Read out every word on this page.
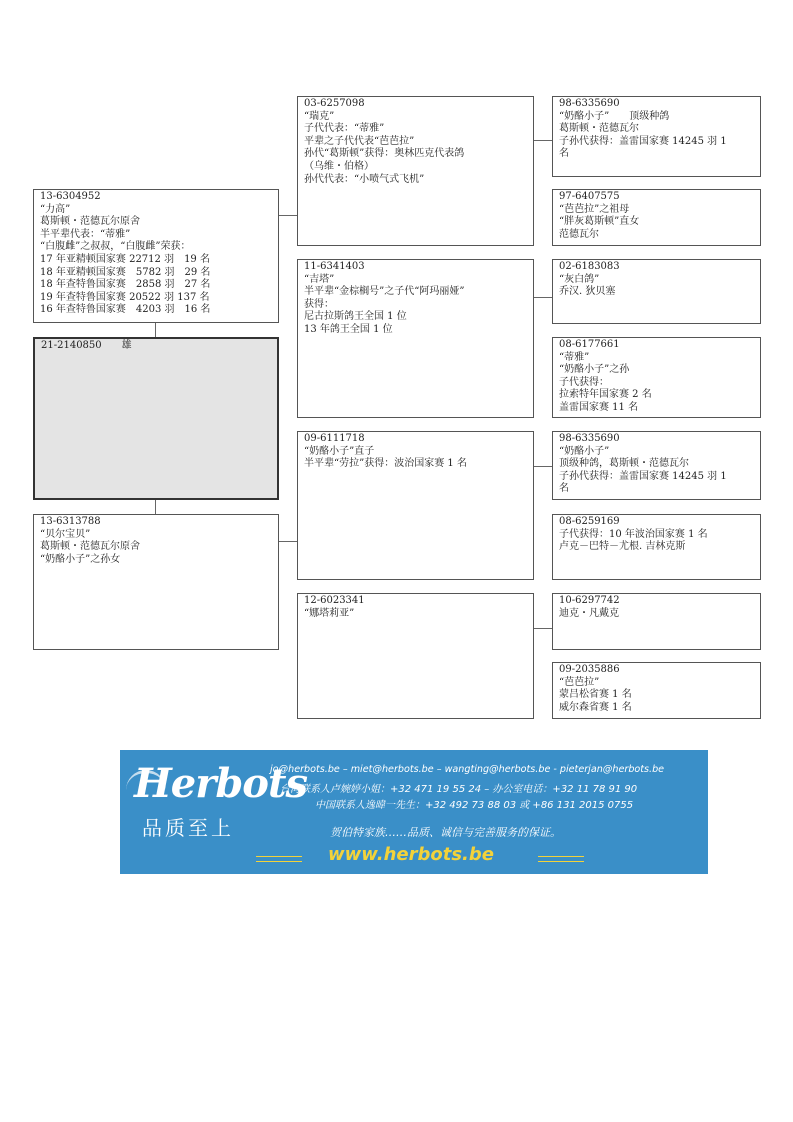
13-6304952
“力高”
葛斯顿・范德瓦尔原舍
半平辈代表：“蒂雅”
“白腹雌”之叔叔，“白腹雌”荣获：
17 年亚精顿国家赛 22712 羽　19 名
18 年亚精顿国家赛　5782 羽　29 名
18 年查特鲁国家赛　2858 羽　27 名
19 年查特鲁国家赛 20522 羽 137 名
16 年查特鲁国家赛　4203 羽　16 名
21-2140850　　 雄
13-6313788
“贝尔宝贝”
葛斯顿・范德瓦尔原舍
“奶酪小子”之孙女
03-6257098
“瑞克”
子代代表：“蒂雅”
平辈之子代代表“芭芭拉”
孙代“葛斯顿”获得：奥林匹克代表鸽
（乌维・伯格）
孙代代表：“小喷气式飞机”
11-6341403
“吉塔”
半平辈“金棕榈号”之子代“阿玛丽娅”
获得：
尼古拉斯鸽王全国 1 位
13 年鸽王全国 1 位
09-6111718
“奶酪小子”直子
半平辈“劳拉”获得：波治国家赛 1 名
12-6023341
“娜塔莉亚”
98-6335690
“奶酪小子”　　顶级种鸽
葛斯顿・范德瓦尔
子孙代获得：盖雷国家赛 14245 羽 1
名
97-6407575
“芭芭拉”之祖母
“胖灰葛斯顿”直女
范德瓦尔
02-6183083
“灰白鸽”
乔汉. 狄贝塞
08-6177661
“蒂雅”
“奶酪小子”之孙
子代获得：
拉索特年国家赛 2 名
盖雷国家赛 11 名
98-6335690
“奶酪小子”
顶级种鸽，葛斯顿・范德瓦尔
子孙代获得：盖雷国家赛 14245 羽 1
名
08-6259169
子代获得：10 年波治国家赛 1 名
卢克－巴特－尤根. 吉林克斯
10-6297742
迪克・凡戴克
09-2035886
“芭芭拉”
蒙吕松省赛 1 名
威尔森省赛 1 名
Herbots
品质至上
jo@herbots.be – miet@herbots.be – wangting@herbots.be - pieterjan@herbots.be
台湾联系人卢婉婷小姐：+32 471 19 55 24 – 办公室电话：+32 11 78 91 90
中国联系人逸暐一先生：+32 492 73 88 03 或 +86 131 2015 0755
贺伯特家族……品质、诚信与完善服务的保证。
www.herbots.be
